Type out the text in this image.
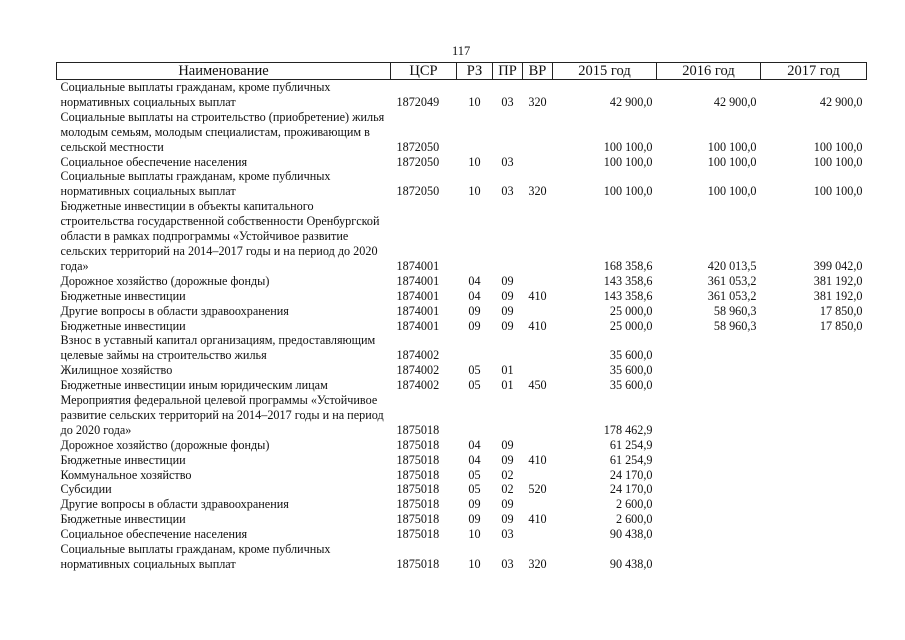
117
Наименование	ЦСР	РЗ	ПР	ВР	2015 год	2016 год	2017 год
Социальные выплаты гражданам, кроме публичных нормативных социальных выплат	1872049	10	03	320	42 900,0	42 900,0	42 900,0
Социальные выплаты на строительство (приобретение) жилья молодым семьям, молодым специалистам, проживающим в сельской местности	1872050				100 100,0	100 100,0	100 100,0
Социальное обеспечение населения	1872050	10	03		100 100,0	100 100,0	100 100,0
Социальные выплаты гражданам, кроме публичных нормативных социальных выплат	1872050	10	03	320	100 100,0	100 100,0	100 100,0
Бюджетные инвестиции в объекты капитального строительства государственной собственности Оренбургской области в рамках подпрограммы «Устойчивое развитие сельских территорий на 2014–2017 годы и на период до 2020 года»	1874001				168 358,6	420 013,5	399 042,0
Дорожное хозяйство (дорожные фонды)	1874001	04	09		143 358,6	361 053,2	381 192,0
Бюджетные инвестиции	1874001	04	09	410	143 358,6	361 053,2	381 192,0
Другие вопросы в области здравоохранения	1874001	09	09		25 000,0	58 960,3	17 850,0
Бюджетные инвестиции	1874001	09	09	410	25 000,0	58 960,3	17 850,0
Взнос в уставный капитал организациям, предоставляющим целевые займы на строительство жилья	1874002				35 600,0		
Жилищное хозяйство	1874002	05	01		35 600,0		
Бюджетные инвестиции иным юридическим лицам	1874002	05	01	450	35 600,0		
Мероприятия федеральной целевой программы «Устойчивое развитие сельских территорий на 2014–2017 годы и на период до 2020 года»	1875018				178 462,9		
Дорожное хозяйство (дорожные фонды)	1875018	04	09		61 254,9		
Бюджетные инвестиции	1875018	04	09	410	61 254,9		
Коммунальное хозяйство	1875018	05	02		24 170,0		
Субсидии	1875018	05	02	520	24 170,0		
Другие вопросы в области здравоохранения	1875018	09	09		2 600,0		
Бюджетные инвестиции	1875018	09	09	410	2 600,0		
Социальное обеспечение населения	1875018	10	03		90 438,0		
Социальные выплаты гражданам, кроме публичных нормативных социальных выплат	1875018	10	03	320	90 438,0		
